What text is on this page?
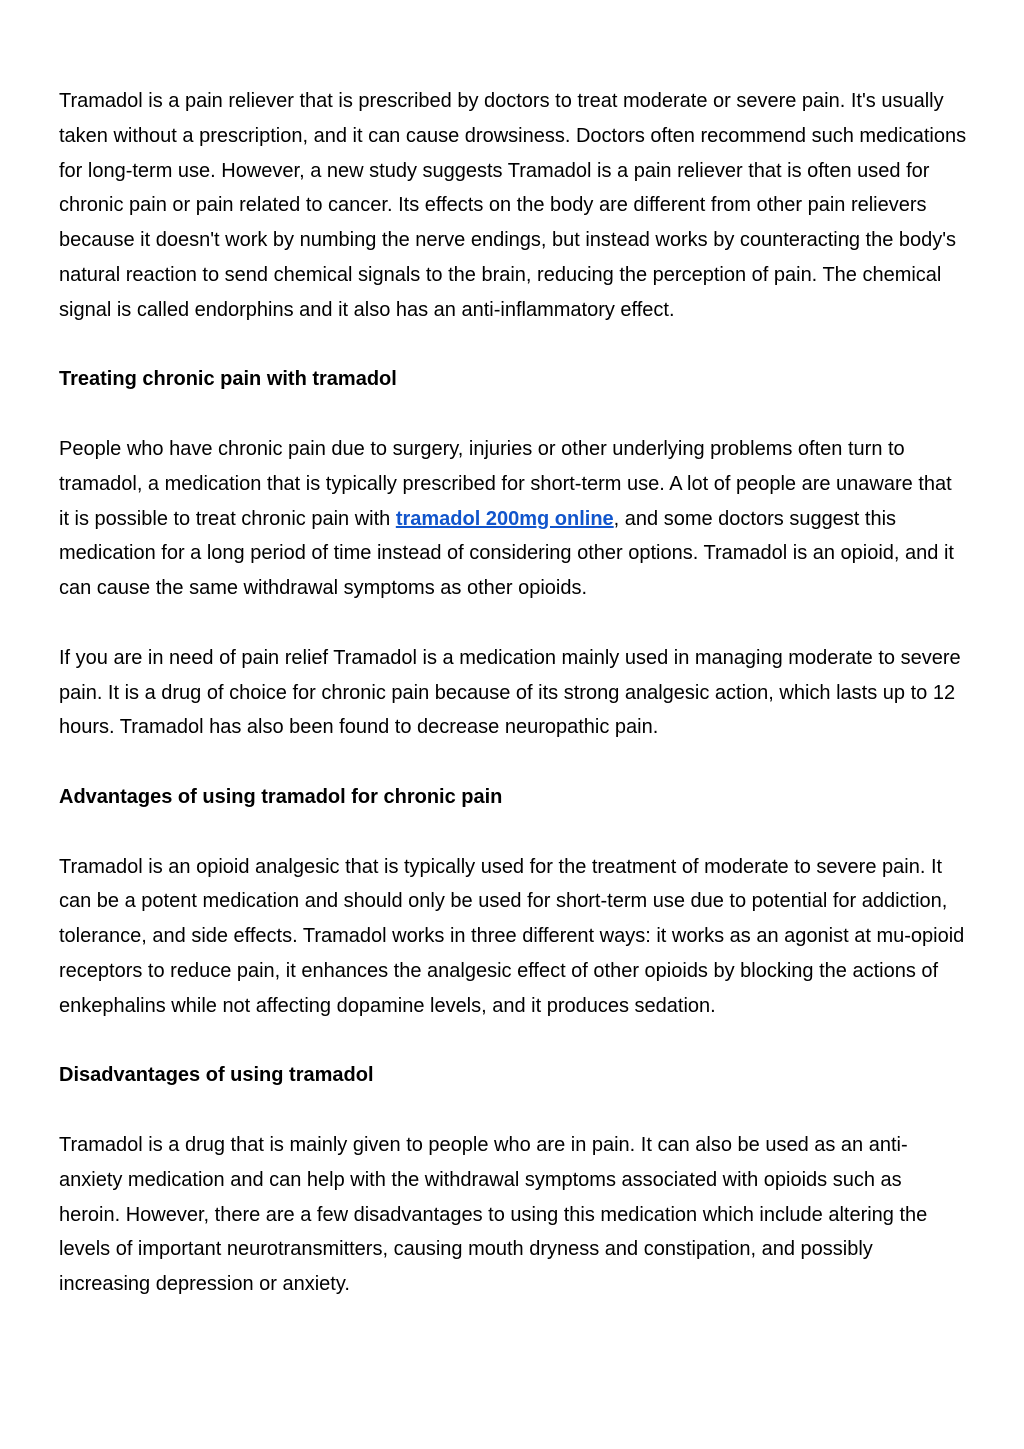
Tramadol is a pain reliever that is prescribed by doctors to treat moderate or severe pain. It's usually taken without a prescription, and it can cause drowsiness. Doctors often recommend such medications for long-term use. However, a new study suggests Tramadol is a pain reliever that is often used for chronic pain or pain related to cancer. Its effects on the body are different from other pain relievers because it doesn't work by numbing the nerve endings, but instead works by counteracting the body's natural reaction to send chemical signals to the brain, reducing the perception of pain. The chemical signal is called endorphins and it also has an anti-inflammatory effect.

Treating chronic pain with tramadol

People who have chronic pain due to surgery, injuries or other underlying problems often turn to tramadol, a medication that is typically prescribed for short-term use. A lot of people are unaware that it is possible to treat chronic pain with tramadol 200mg online, and some doctors suggest this medication for a long period of time instead of considering other options. Tramadol is an opioid, and it can cause the same withdrawal symptoms as other opioids.

If you are in need of pain relief Tramadol is a medication mainly used in managing moderate to severe pain. It is a drug of choice for chronic pain because of its strong analgesic action, which lasts up to 12 hours. Tramadol has also been found to decrease neuropathic pain.

Advantages of using tramadol for chronic pain

Tramadol is an opioid analgesic that is typically used for the treatment of moderate to severe pain. It can be a potent medication and should only be used for short-term use due to potential for addiction, tolerance, and side effects. Tramadol works in three different ways: it works as an agonist at mu-opioid receptors to reduce pain, it enhances the analgesic effect of other opioids by blocking the actions of enkephalins while not affecting dopamine levels, and it produces sedation.

Disadvantages of using tramadol

Tramadol is a drug that is mainly given to people who are in pain. It can also be used as an anti-anxiety medication and can help with the withdrawal symptoms associated with opioids such as heroin. However, there are a few disadvantages to using this medication which include altering the levels of important neurotransmitters, causing mouth dryness and constipation, and possibly increasing depression or anxiety.
